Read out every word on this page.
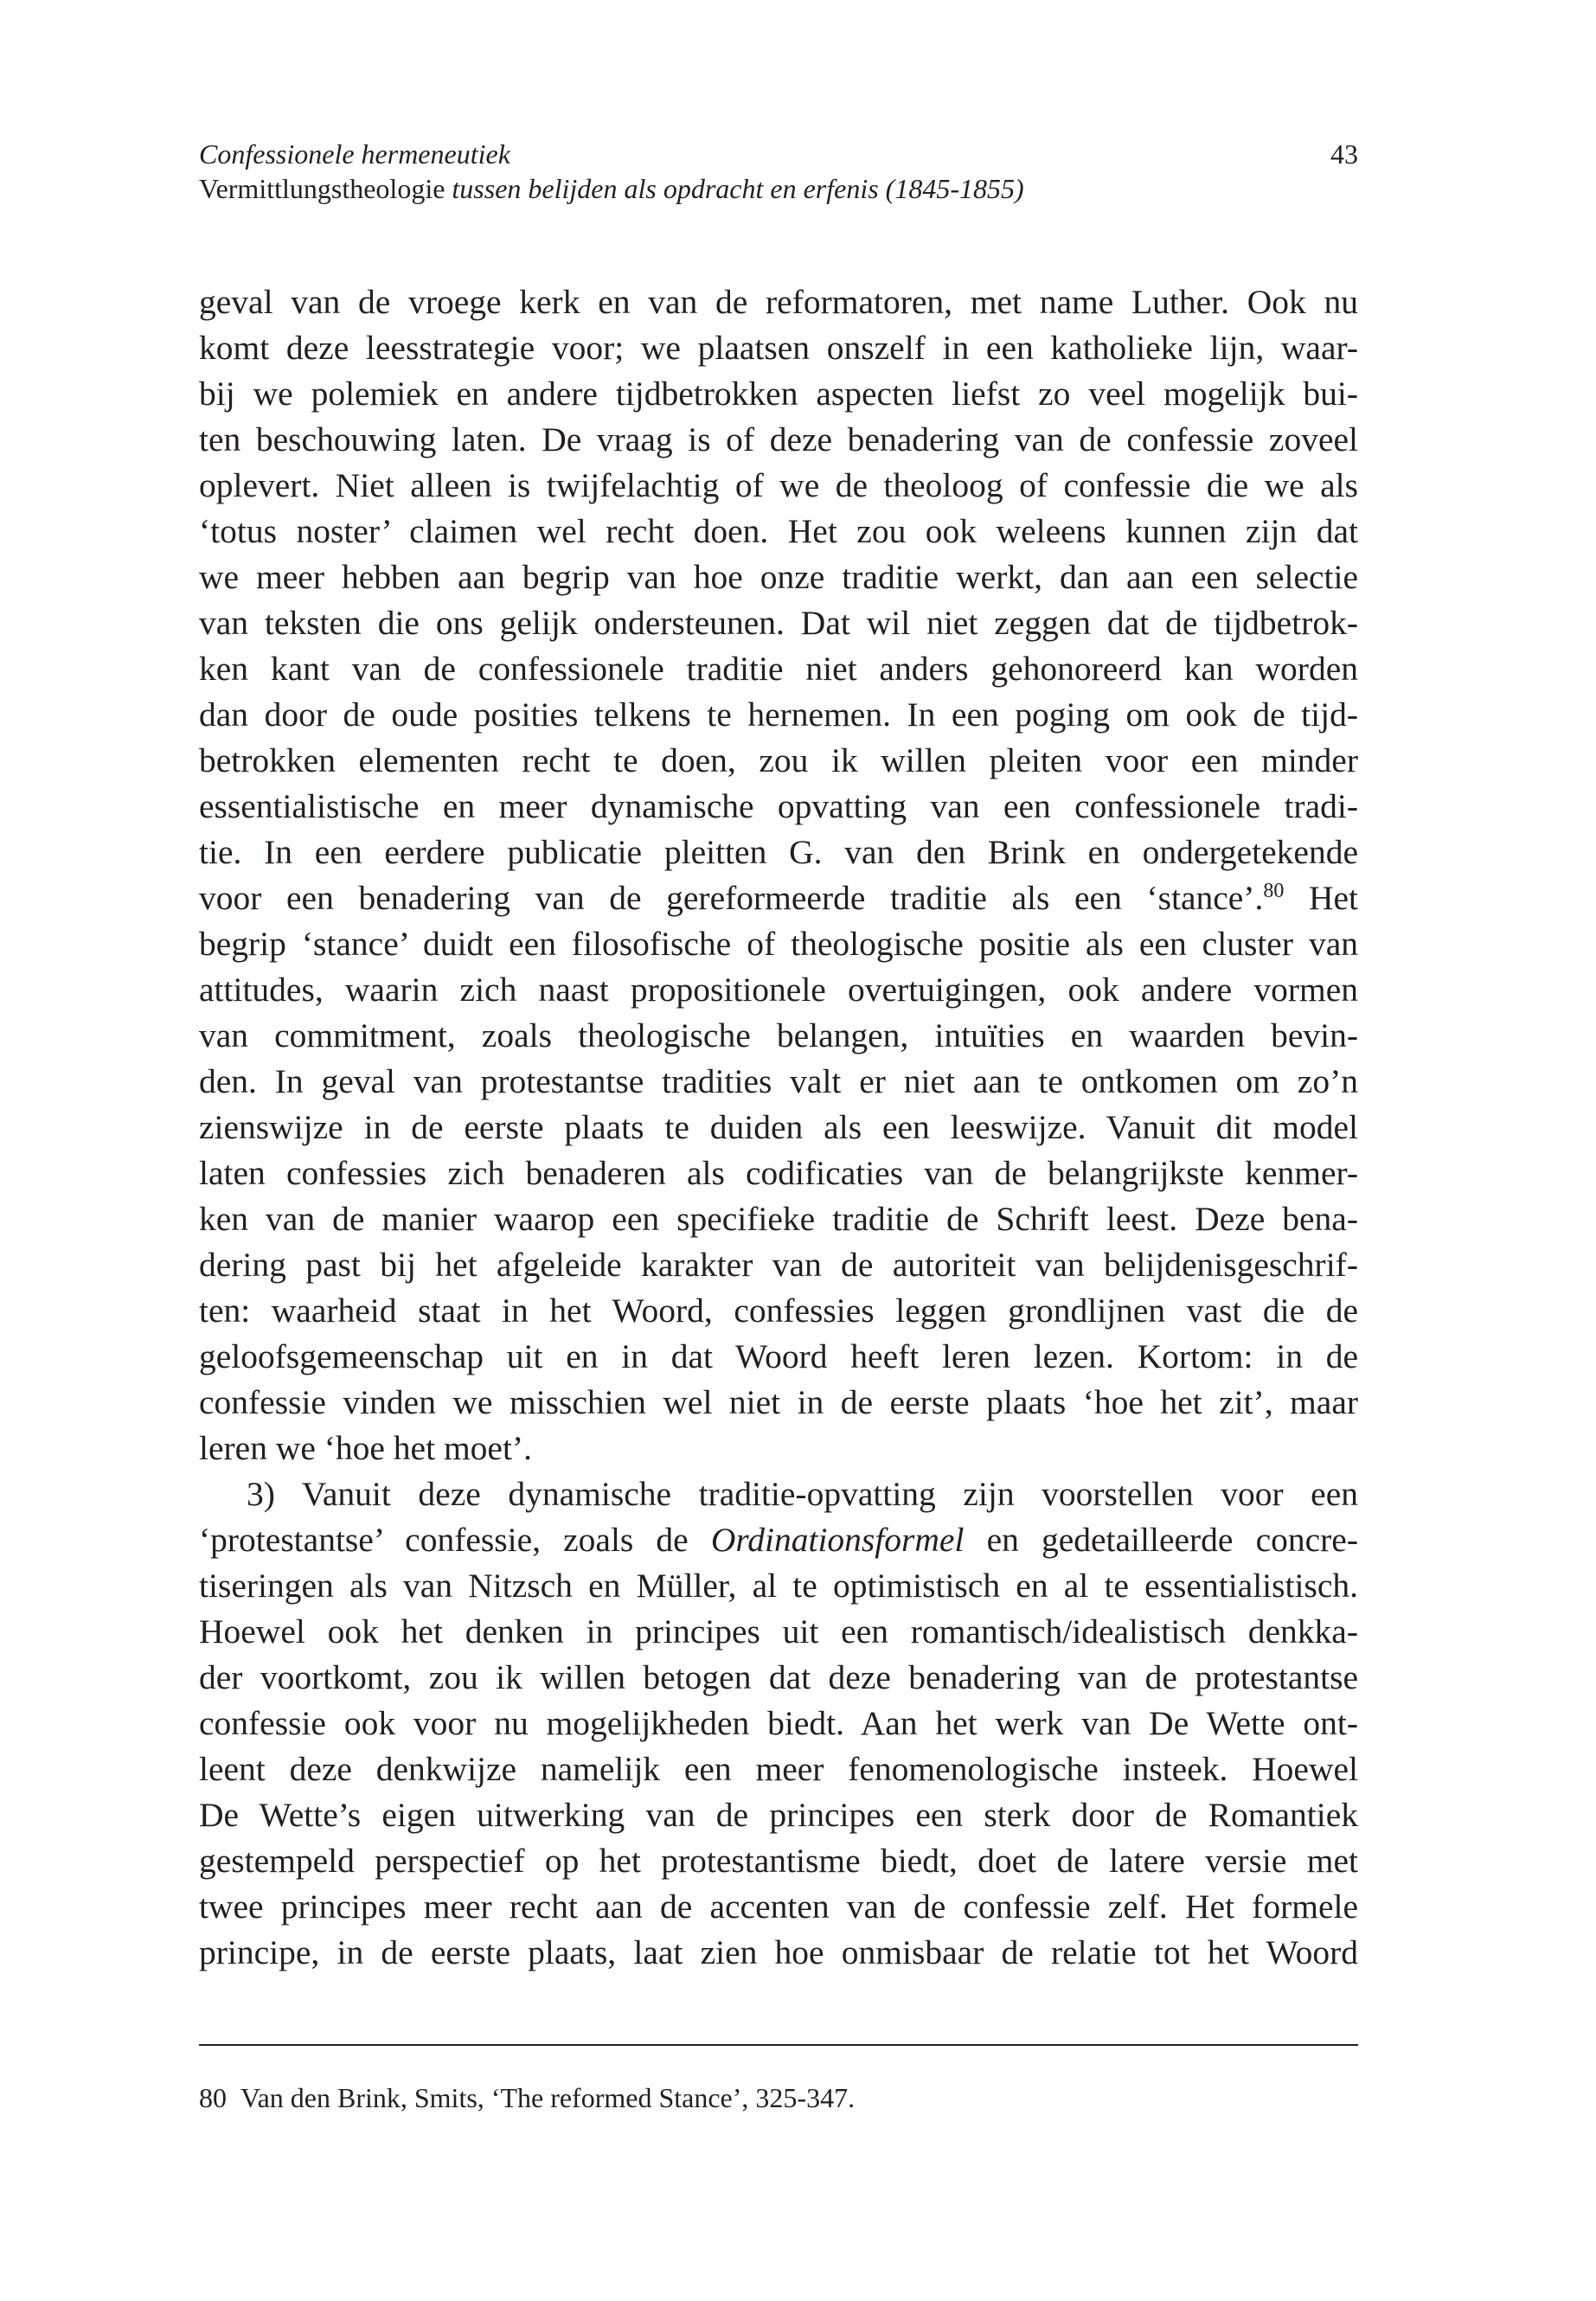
Confessionele hermeneutiek
Vermittlungstheologie tussen belijden als opdracht en erfenis (1845-1855)
43
geval van de vroege kerk en van de reformatoren, met name Luther. Ook nu
komt deze leesstrategie voor; we plaatsen onszelf in een katholieke lijn, waar-
bij we polemiek en andere tijdbetrokken aspecten liefst zo veel mogelijk bui-
ten beschouwing laten. De vraag is of deze benadering van de confessie zoveel
oplevert. Niet alleen is twijfelachtig of we de theoloog of confessie die we als
‘totus noster’ claimen wel recht doen. Het zou ook weleens kunnen zijn dat
we meer hebben aan begrip van hoe onze traditie werkt, dan aan een selectie
van teksten die ons gelijk ondersteunen. Dat wil niet zeggen dat de tijdbetrok-
ken kant van de confessionele traditie niet anders gehonoreerd kan worden
dan door de oude posities telkens te hernemen. In een poging om ook de tijd-
betrokken elementen recht te doen, zou ik willen pleiten voor een minder
essentialistische en meer dynamische opvatting van een confessionele tradi-
tie. In een eerdere publicatie pleitten G. van den Brink en ondergetekende
voor een benadering van de gereformeerde traditie als een ‘stance’.$^{80}$ Het
begrip ‘stance’ duidt een filosofische of theologische positie als een cluster van
attitudes, waarin zich naast propositionele overtuigingen, ook andere vormen
van commitment, zoals theologische belangen, intuïties en waarden bevin-
den. In geval van protestantse tradities valt er niet aan te ontkomen om zo’n
zienswijze in de eerste plaats te duiden als een leeswijze. Vanuit dit model
laten confessies zich benaderen als codificaties van de belangrijkste kenmer-
ken van de manier waarop een specifieke traditie de Schrift leest. Deze bena-
dering past bij het afgeleide karakter van de autoriteit van belijdenisgeschrif-
ten: waarheid staat in het Woord, confessies leggen grondlijnen vast die de
geloofsgemeenschap uit en in dat Woord heeft leren lezen. Kortom: in de
confessie vinden we misschien wel niet in de eerste plaats ‘hoe het zit’, maar
leren we ‘hoe het moet’.
3) Vanuit deze dynamische traditie-opvatting zijn voorstellen voor een
‘protestantse’ confessie, zoals de Ordinationsformel en gedetailleerde concre-
tiseringen als van Nitzsch en Müller, al te optimistisch en al te essentialistisch.
Hoewel ook het denken in principes uit een romantisch/idealistisch denkka-
der voortkomt, zou ik willen betogen dat deze benadering van de protestantse
confessie ook voor nu mogelijkheden biedt. Aan het werk van De Wette ont-
leent deze denkwijze namelijk een meer fenomenologische insteek. Hoewel
De Wette’s eigen uitwerking van de principes een sterk door de Romantiek
gestempeld perspectief op het protestantisme biedt, doet de latere versie met
twee principes meer recht aan de accenten van de confessie zelf. Het formele
principe, in de eerste plaats, laat zien hoe onmisbaar de relatie tot het Woord
80 Van den Brink, Smits, ‘The reformed Stance’, 325-347.
